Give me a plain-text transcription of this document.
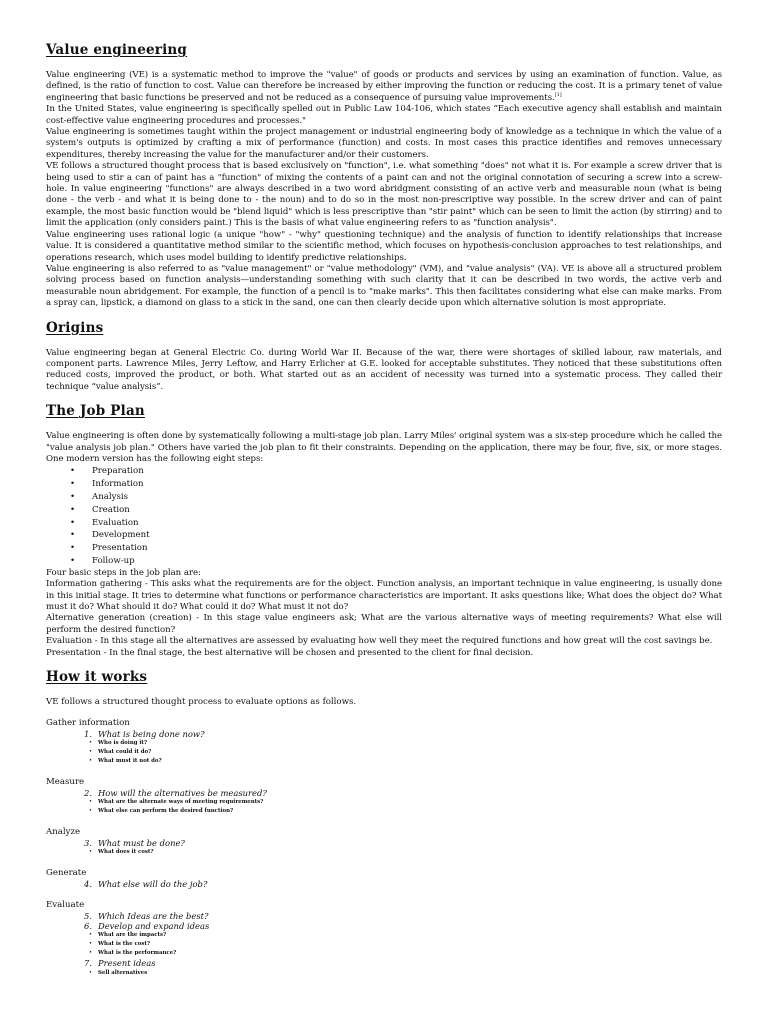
Value engineering

Value engineering (VE) is a systematic method to improve the "value" of goods or products and services by using an examination of function. Value, as defined, is the ratio of function to cost. Value can therefore be increased by either improving the function or reducing the cost. It is a primary tenet of value engineering that basic functions be preserved and not be reduced as a consequence of pursuing value improvements.[1]

In the United States, value engineering is specifically spelled out in Public Law 104-106, which states “Each executive agency shall establish and maintain cost-effective value engineering procedures and processes."

Value engineering is sometimes taught within the project management or industrial engineering body of knowledge as a technique in which the value of a system's outputs is optimized by crafting a mix of performance (function) and costs. In most cases this practice identifies and removes unnecessary expenditures, thereby increasing the value for the manufacturer and/or their customers.

VE follows a structured thought process that is based exclusively on "function", i.e. what something "does" not what it is. For example a screw driver that is being used to stir a can of paint has a "function" of mixing the contents of a paint can and not the original connotation of securing a screw into a screw-hole. In value engineering "functions" are always described in a two word abridgment consisting of an active verb and measurable noun (what is being done - the verb - and what it is being done to - the noun) and to do so in the most non-prescriptive way possible. In the screw driver and can of paint example, the most basic function would be "blend liquid" which is less prescriptive than "stir paint" which can be seen to limit the action (by stirring) and to limit the application (only considers paint.) This is the basis of what value engineering refers to as "function analysis".

Value engineering uses rational logic (a unique "how" - "why" questioning technique) and the analysis of function to identify relationships that increase value. It is considered a quantitative method similar to the scientific method, which focuses on hypothesis-conclusion approaches to test relationships, and operations research, which uses model building to identify predictive relationships.

Value engineering is also referred to as "value management" or "value methodology" (VM), and "value analysis" (VA). VE is above all a structured problem solving process based on function analysis—understanding something with such clarity that it can be described in two words, the active verb and measurable noun abridgement. For example, the function of a pencil is to "make marks". This then facilitates considering what else can make marks. From a spray can, lipstick, a diamond on glass to a stick in the sand, one can then clearly decide upon which alternative solution is most appropriate.

Origins

Value engineering began at General Electric Co. during World War II. Because of the war, there were shortages of skilled labour, raw materials, and component parts. Lawrence Miles, Jerry Leftow, and Harry Erlicher at G.E. looked for acceptable substitutes. They noticed that these substitutions often reduced costs, improved the product, or both. What started out as an accident of necessity was turned into a systematic process. They called their technique “value analysis”.

The Job Plan

Value engineering is often done by systematically following a multi-stage job plan. Larry Miles' original system was a six-step procedure which he called the "value analysis job plan." Others have varied the job plan to fit their constraints. Depending on the application, there may be four, five, six, or more stages. One modern version has the following eight steps:

• Preparation
• Information
• Analysis
• Creation
• Evaluation
• Development
• Presentation
• Follow-up

Four basic steps in the job plan are:

Information gathering - This asks what the requirements are for the object. Function analysis, an important technique in value engineering, is usually done in this initial stage. It tries to determine what functions or performance characteristics are important. It asks questions like; What does the object do? What must it do? What should it do? What could it do? What must it not do?

Alternative generation (creation) - In this stage value engineers ask; What are the various alternative ways of meeting requirements? What else will perform the desired function?

Evaluation - In this stage all the alternatives are assessed by evaluating how well they meet the required functions and how great will the cost savings be.

Presentation - In the final stage, the best alternative will be chosen and presented to the client for final decision.

How it works
VE follows a structured thought process to evaluate options as follows.
Gather information
1. What is being done now?
• Who is doing it?
• What could it do?
• What must it not do?
Measure
2. How will the alternatives be measured?
• What are the alternate ways of meeting requirements?
• What else can perform the desired function?
Analyze
3. What must be done?
• What does it cost?
Generate
4. What else will do the job?
Evaluate
5. Which Ideas are the best?
6. Develop and expand ideas
• What are the impacts?
• What is the cost?
• What is the performance?
7. Present ideas
• Sell alternatives
